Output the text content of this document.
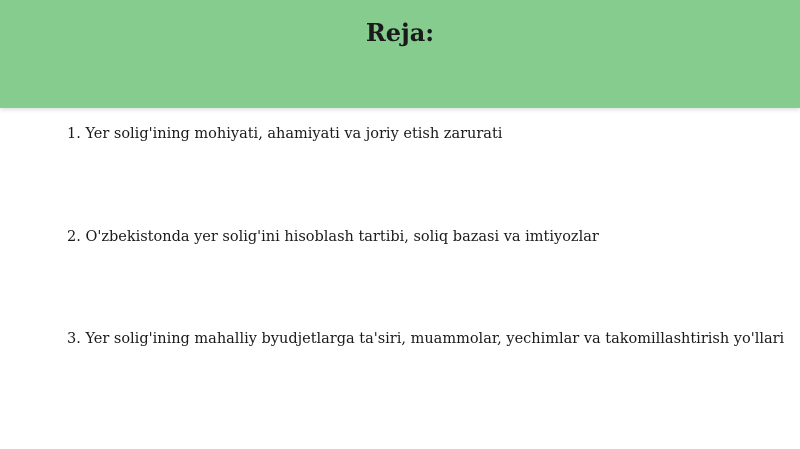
Reja:

1. Yer solig'ining mohiyati, ahamiyati va joriy etish zarurati

2. O'zbekistonda yer solig'ini hisoblash tartibi, soliq bazasi va imtiyozlar

3. Yer solig'ining mahalliy byudjetlarga ta'siri, muammolar, yechimlar va takomillashtirish yo'llari
